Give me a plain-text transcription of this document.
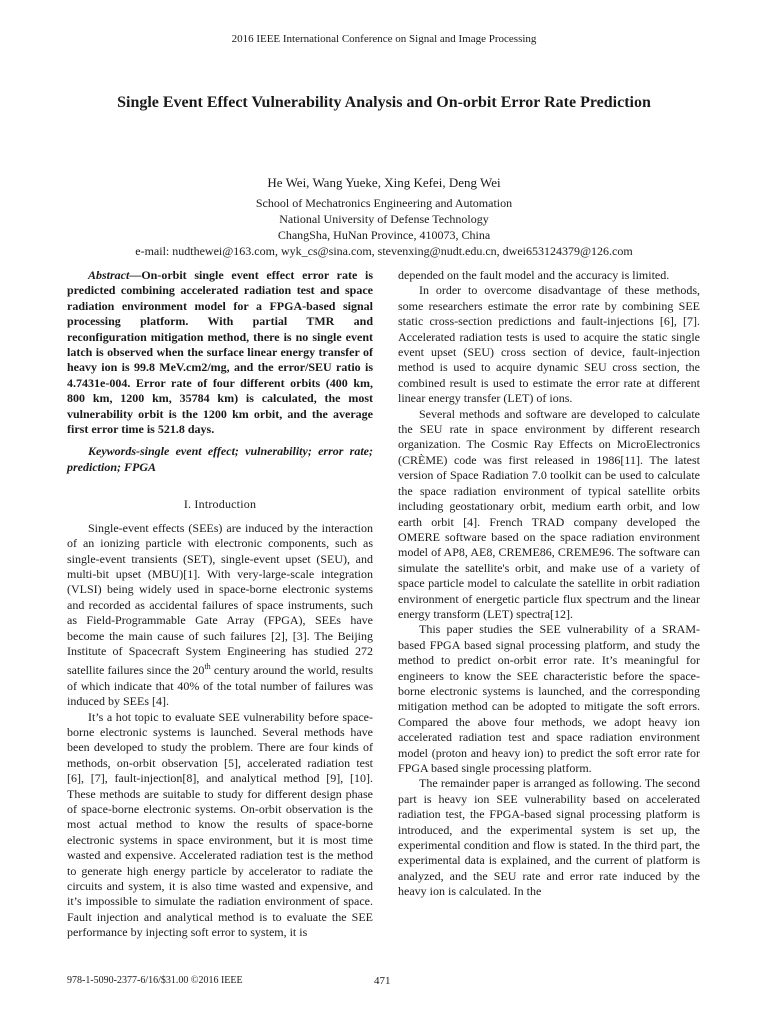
2016 IEEE International Conference on Signal and Image Processing
Single Event Effect Vulnerability Analysis and On-orbit Error Rate Prediction
He Wei, Wang Yueke, Xing Kefei, Deng Wei
School of Mechatronics Engineering and Automation
National University of Defense Technology
ChangSha, HuNan Province, 410073, China
e-mail: nudthewei@163.com, wyk_cs@sina.com, stevenxing@nudt.edu.cn, dwei653124379@126.com

Abstract—On-orbit single event effect error rate is predicted combining accelerated radiation test and space radiation environment model for a FPGA-based signal processing platform. With partial TMR and reconfiguration mitigation method, there is no single event latch is observed when the surface linear energy transfer of heavy ion is 99.8 MeV.cm2/mg, and the error/SEU ratio is 4.7431e-004. Error rate of four different orbits (400 km, 800 km, 1200 km, 35784 km) is calculated, the most vulnerability orbit is the 1200 km orbit, and the average first error time is 521.8 days.

Keywords-single event effect; vulnerability; error rate; prediction; FPGA

I. Introduction

Single-event effects (SEEs) are induced by the interaction of an ionizing particle with electronic components, such as single-event transients (SET), single-event upset (SEU), and multi-bit upset (MBU)[1]. With very-large-scale integration (VLSI) being widely used in space-borne electronic systems and recorded as accidental failures of space instruments, such as Field-Programmable Gate Array (FPGA), SEEs have become the main cause of such failures [2], [3]. The Beijing Institute of Spacecraft System Engineering has studied 272 satellite failures since the 20th century around the world, results of which indicate that 40% of the total number of failures was induced by SEEs [4].

It’s a hot topic to evaluate SEE vulnerability before space-borne electronic systems is launched. Several methods have been developed to study the problem. There are four kinds of methods, on-orbit observation [5], accelerated radiation test [6], [7], fault-injection[8], and analytical method [9], [10]. These methods are suitable to study for different design phase of space-borne electronic systems. On-orbit observation is the most actual method to know the results of space-borne electronic systems in space environment, but it is most time wasted and expensive. Accelerated radiation test is the method to generate high energy particle by accelerator to radiate the circuits and system, it is also time wasted and expensive, and it’s impossible to simulate the radiation environment of space. Fault injection and analytical method is to evaluate the SEE performance by injecting soft error to system, it is

depended on the fault model and the accuracy is limited.

In order to overcome disadvantage of these methods, some researchers estimate the error rate by combining SEE static cross-section predictions and fault-injections [6], [7]. Accelerated radiation tests is used to acquire the static single event upset (SEU) cross section of device, fault-injection method is used to acquire dynamic SEU cross section, the combined result is used to estimate the error rate at different linear energy transfer (LET) of ions.

Several methods and software are developed to calculate the SEU rate in space environment by different research organization. The Cosmic Ray Effects on MicroElectronics (CRÈME) code was first released in 1986[11]. The latest version of Space Radiation 7.0 toolkit can be used to calculate the space radiation environment of typical satellite orbits including geostationary orbit, medium earth orbit, and low earth orbit [4]. French TRAD company developed the OMERE software based on the space radiation environment model of AP8, AE8, CREME86, CREME96. The software can simulate the satellite's orbit, and make use of a variety of space particle model to calculate the satellite in orbit radiation environment of energetic particle flux spectrum and the linear energy transform (LET) spectra[12].

This paper studies the SEE vulnerability of a SRAM-based FPGA based signal processing platform, and study the method to predict on-orbit error rate. It’s meaningful for engineers to know the SEE characteristic before the space-borne electronic systems is launched, and the corresponding mitigation method can be adopted to mitigate the soft errors. Compared the above four methods, we adopt heavy ion accelerated radiation test and space radiation environment model (proton and heavy ion) to predict the soft error rate for FPGA based single processing platform.

The remainder paper is arranged as following. The second part is heavy ion SEE vulnerability based on accelerated radiation test, the FPGA-based signal processing platform is introduced, and the experimental system is set up, the experimental condition and flow is stated. In the third part, the experimental data is explained, and the current of platform is analyzed, and the SEU rate and error rate induced by the heavy ion is calculated. In the

978-1-5090-2377-6/16/$31.00 ©2016 IEEE	471
